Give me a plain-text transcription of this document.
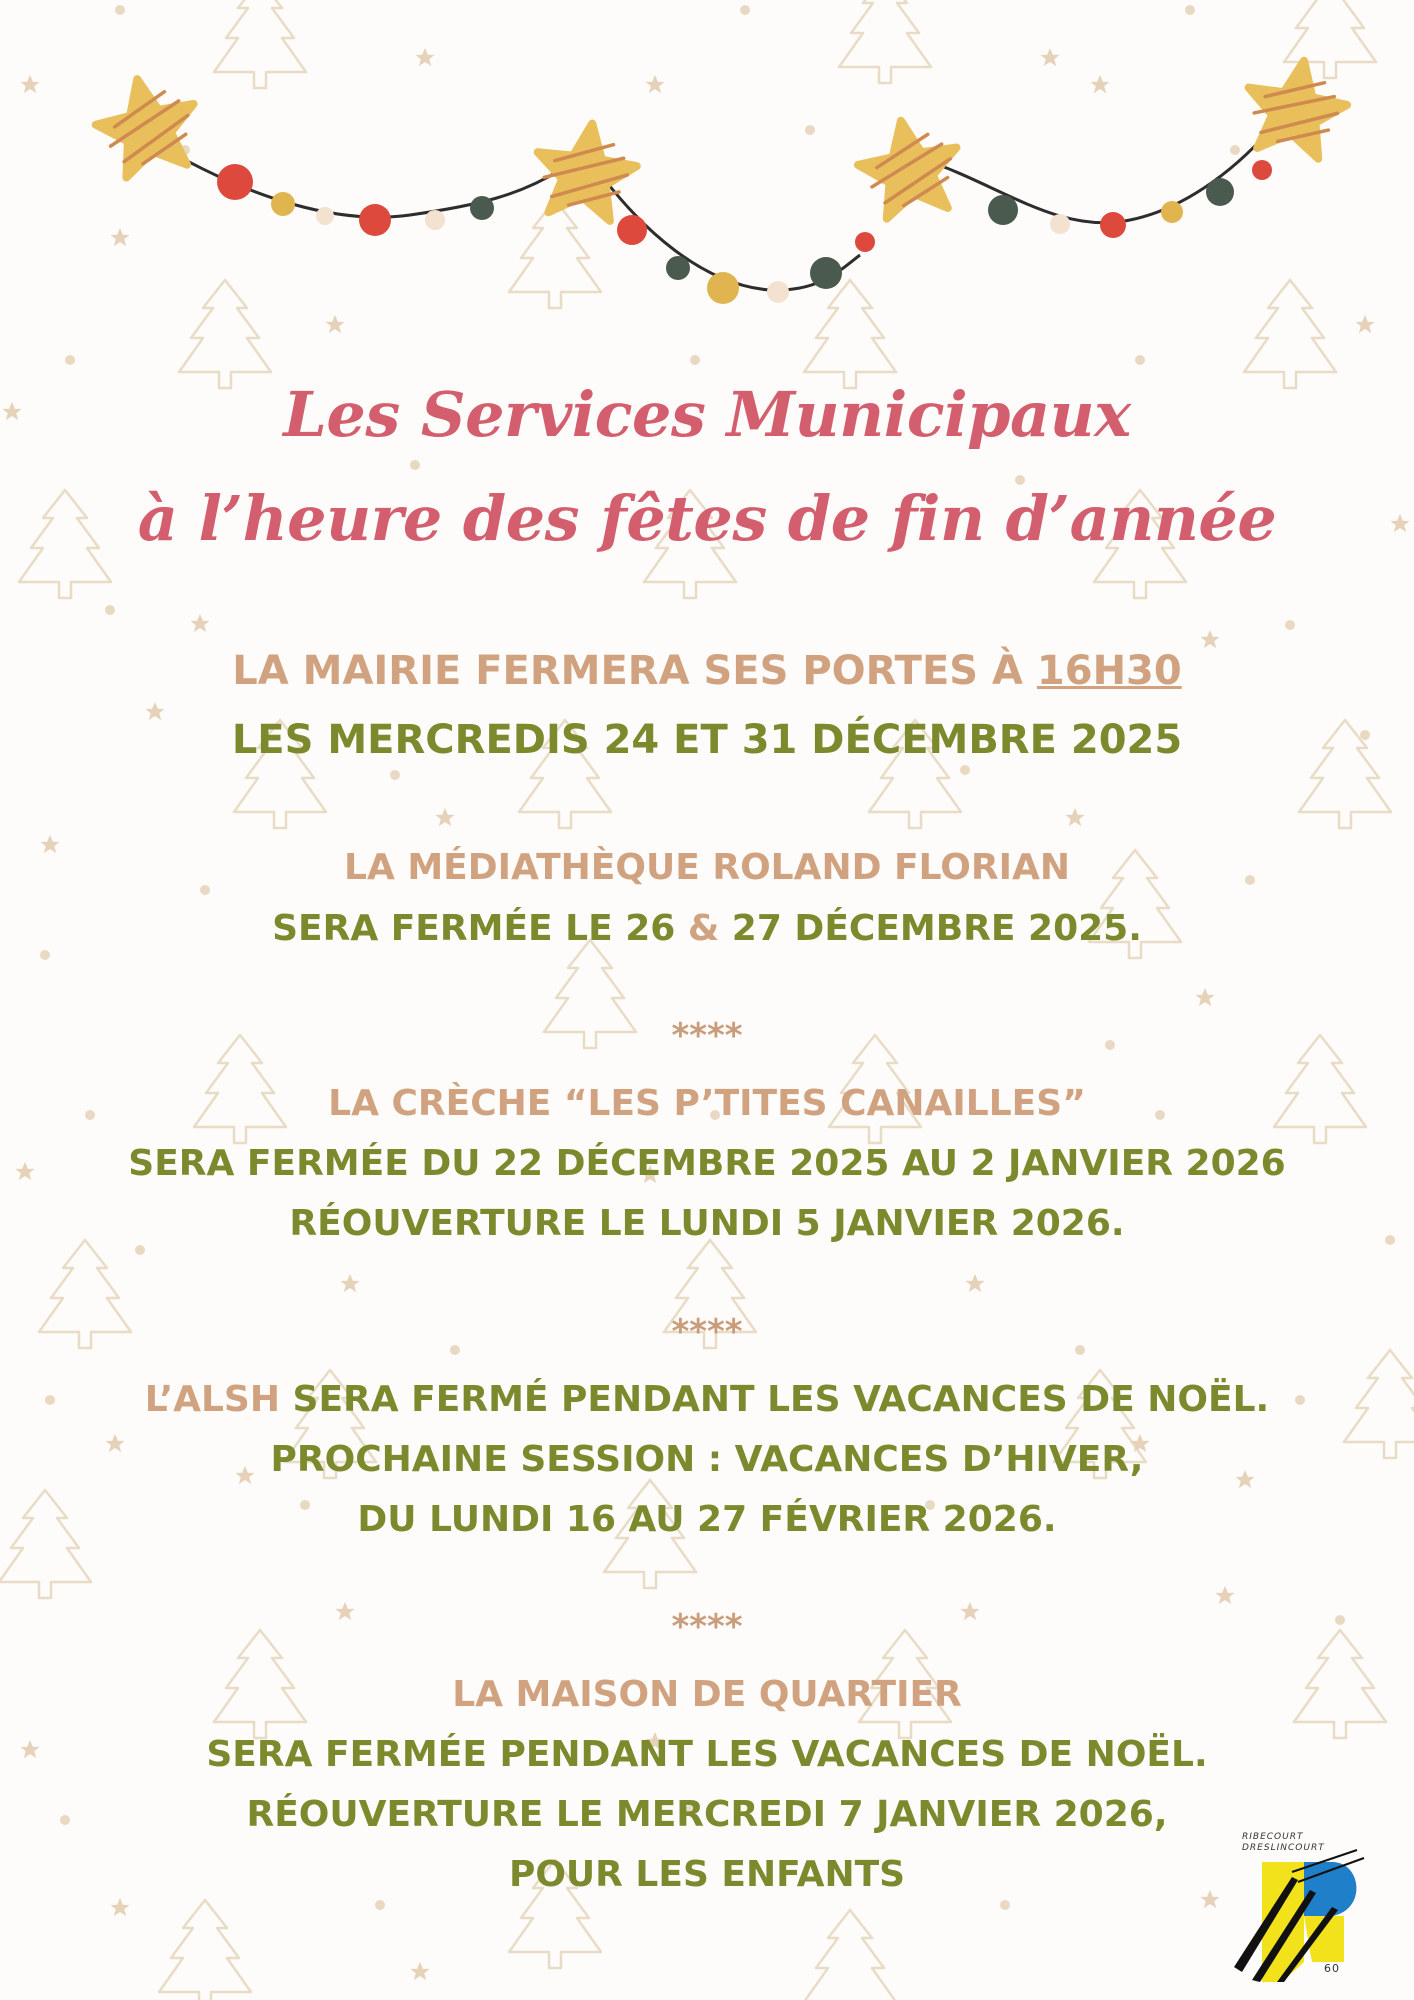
Les Services Municipaux
à l’heure des fêtes de fin d’année
LA MAIRIE FERMERA SES PORTES À 16H30
LES MERCREDIS 24 ET 31 DÉCEMBRE 2025
LA MÉDIATHÈQUE ROLAND FLORIAN
SERA FERMÉE LE 26 & 27 DÉCEMBRE 2025.
****
LA CRÈCHE “LES P’TITES CANAILLES”
SERA FERMÉE DU 22 DÉCEMBRE 2025 AU 2 JANVIER 2026
RÉOUVERTURE LE LUNDI 5 JANVIER 2026.
****
L’ALSH SERA FERMÉ PENDANT LES VACANCES DE NOËL.
PROCHAINE SESSION : VACANCES D’HIVER,
DU LUNDI 16 AU 27 FÉVRIER 2026.
****
LA MAISON DE QUARTIER
SERA FERMÉE PENDANT LES VACANCES DE NOËL.
RÉOUVERTURE LE MERCREDI 7 JANVIER 2026,
POUR LES ENFANTS
RIBECOURT
DRESLINCOURT
60
